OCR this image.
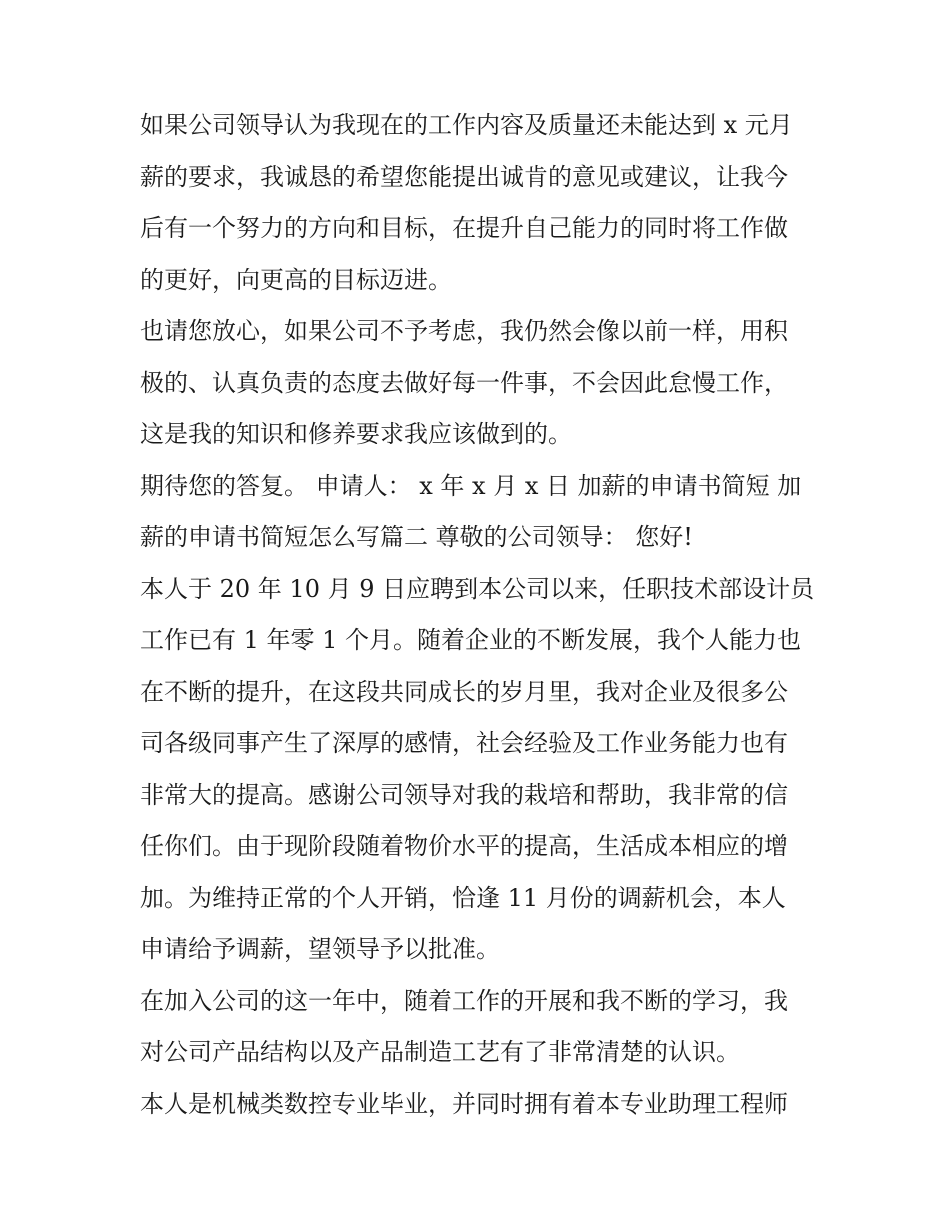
如果公司领导认为我现在的工作内容及质量还未能达到 x 元月
薪的要求，我诚恳的希望您能提出诚肯的意见或建议，让我今
后有一个努力的方向和目标，在提升自己能力的同时将工作做
的更好，向更高的目标迈进。
也请您放心，如果公司不予考虑，我仍然会像以前一样，用积
极的、认真负责的态度去做好每一件事，不会因此怠慢工作，
这是我的知识和修养要求我应该做到的。
期待您的答复。 申请人： x 年 x 月 x 日 加薪的申请书简短 加
薪的申请书简短怎么写篇二 尊敬的公司领导： 您好!
本人于 20 年 10 月 9 日应聘到本公司以来，任职技术部设计员
工作已有 1 年零 1 个月。随着企业的不断发展，我个人能力也
在不断的提升，在这段共同成长的岁月里，我对企业及很多公
司各级同事产生了深厚的感情，社会经验及工作业务能力也有
非常大的提高。感谢公司领导对我的栽培和帮助，我非常的信
任你们。由于现阶段随着物价水平的提高，生活成本相应的增
加。为维持正常的个人开销，恰逢 11 月份的调薪机会，本人
申请给予调薪，望领导予以批准。
在加入公司的这一年中，随着工作的开展和我不断的学习，我
对公司产品结构以及产品制造工艺有了非常清楚的认识。
本人是机械类数控专业毕业，并同时拥有着本专业助理工程师
